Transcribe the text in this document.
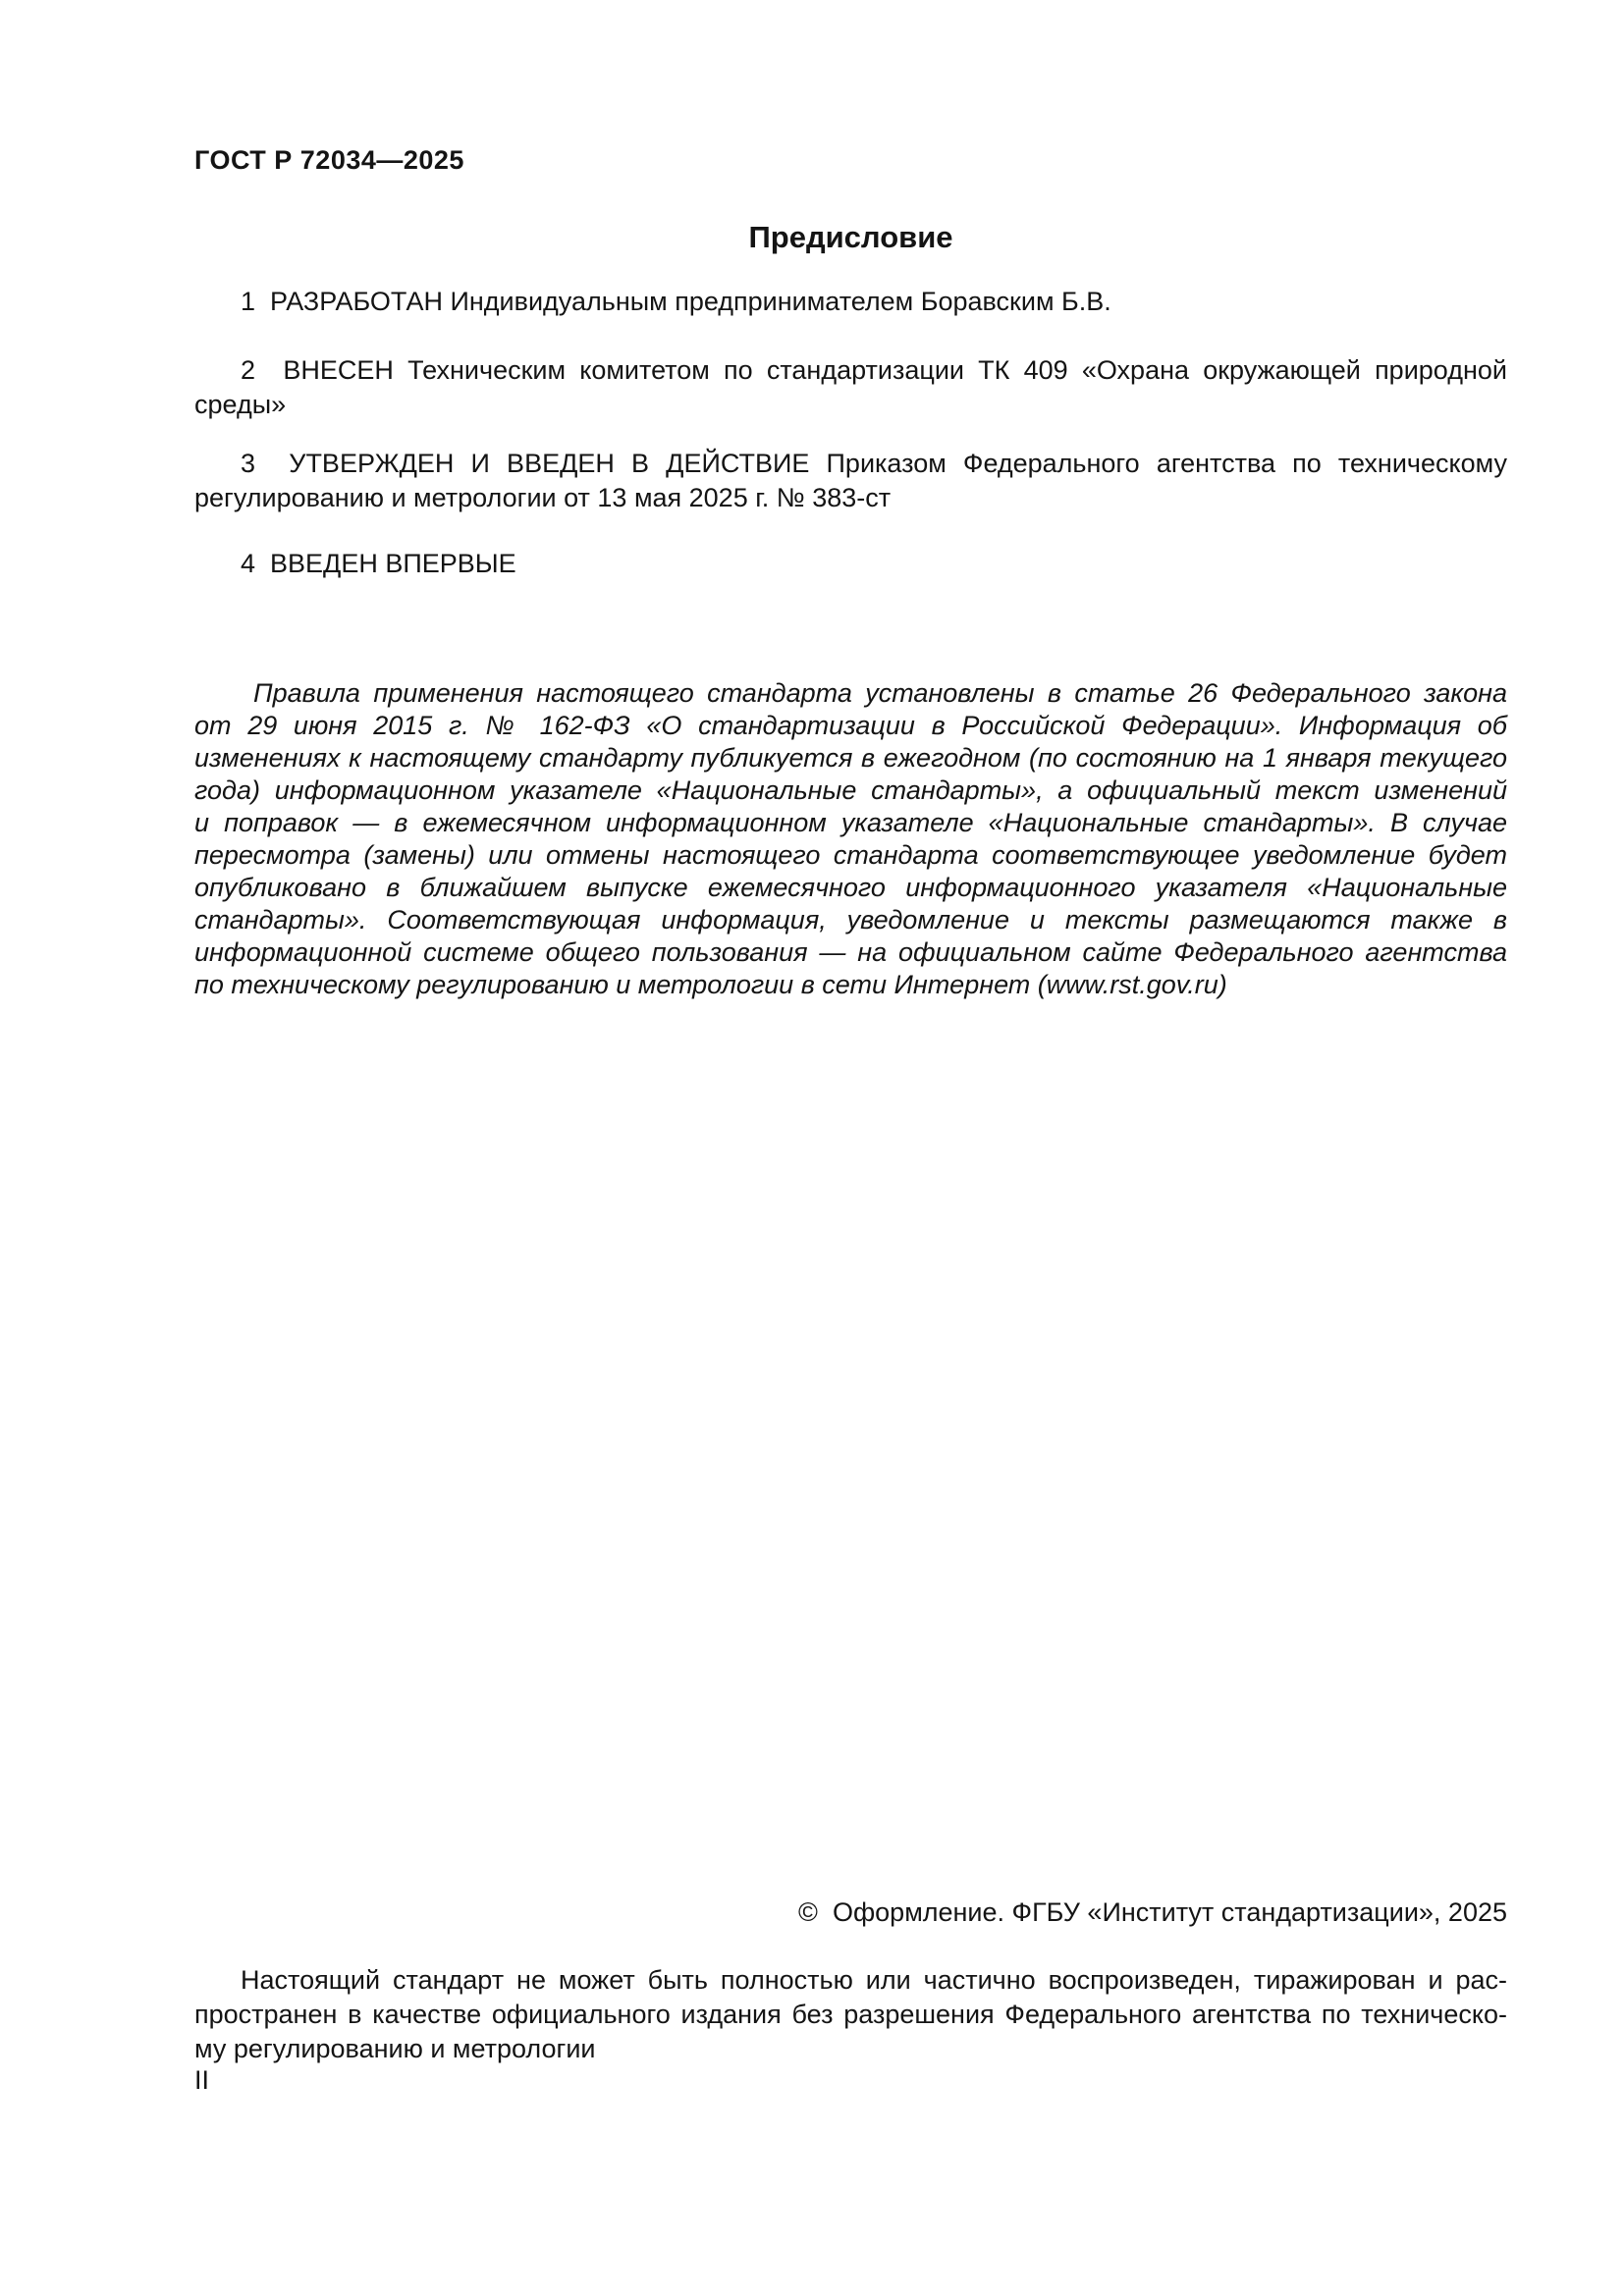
ГОСТ Р 72034—2025
Предисловие
1  РАЗРАБОТАН Индивидуальным предпринимателем Боравским Б.В.
2  ВНЕСЕН Техническим комитетом по стандартизации ТК 409 «Охрана окружающей природной
среды»
3  УТВЕРЖДЕН И ВВЕДЕН В ДЕЙСТВИЕ Приказом Федерального агентства по техническому
регулированию и метрологии от 13 мая 2025 г. № 383-ст
4  ВВЕДЕН ВПЕРВЫЕ
Правила применения настоящего стандарта установлены в статье 26 Федерального закона
от 29 июня 2015 г. № 162-ФЗ «О стандартизации в Российской Федерации». Информация об
изменениях к настоящему стандарту публикуется в ежегодном (по состоянию на 1 января текущего
года) информационном указателе «Национальные стандарты», а официальный текст изменений
и поправок — в ежемесячном информационном указателе «Национальные стандарты». В случае
пересмотра (замены) или отмены настоящего стандарта соответствующее уведомление будет
опубликовано в ближайшем выпуске ежемесячного информационного указателя «Национальные
стандарты». Соответствующая информация, уведомление и тексты размещаются также в
информационной системе общего пользования — на официальном сайте Федерального агентства
по техническому регулированию и метрологии в сети Интернет (www.rst.gov.ru)
©  Оформление. ФГБУ «Институт стандартизации», 2025
Настоящий стандарт не может быть полностью или частично воспроизведен, тиражирован и рас-
пространен в качестве официального издания без разрешения Федерального агентства по техническо-
му регулированию и метрологии
II
